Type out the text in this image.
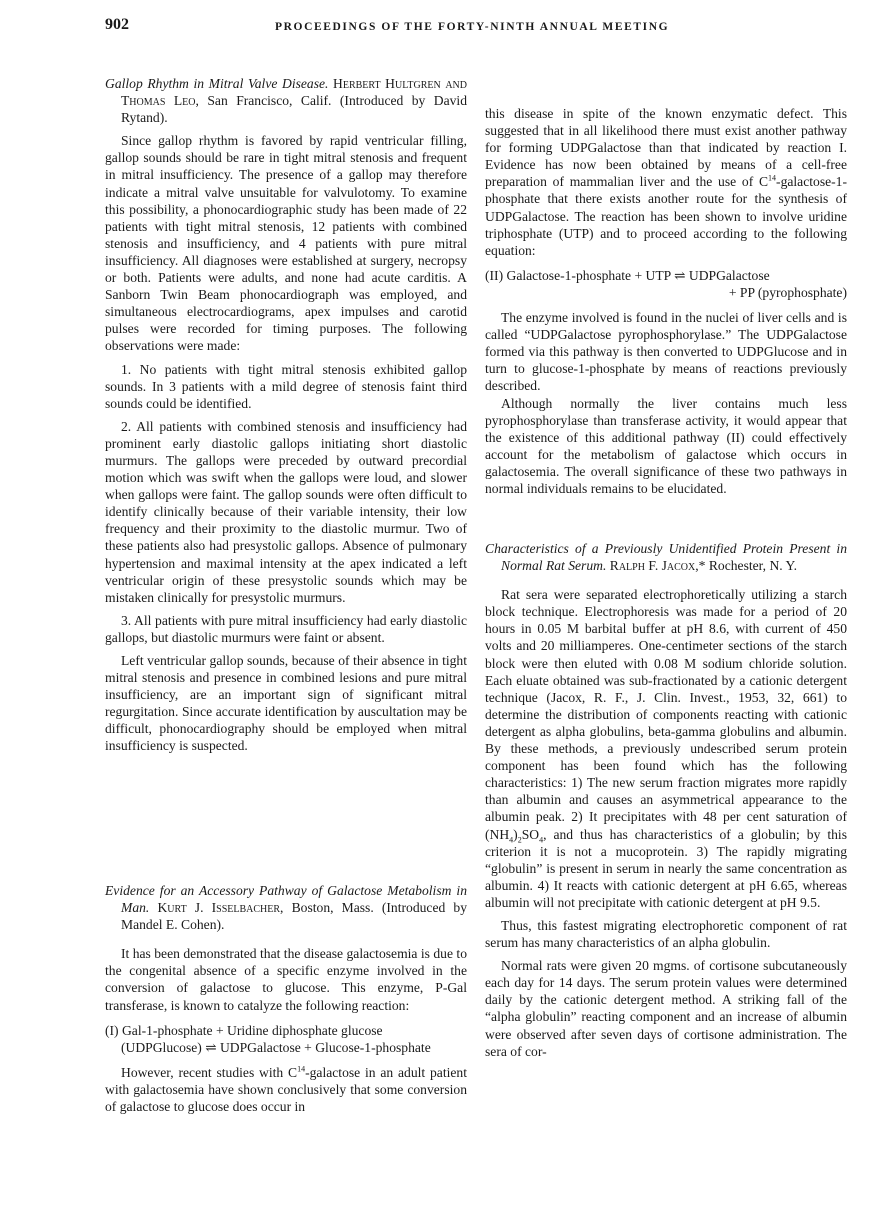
902	PROCEEDINGS OF THE FORTY-NINTH ANNUAL MEETING

Gallop Rhythm in Mitral Valve Disease. Herbert Hultgren and Thomas Leo, San Francisco, Calif. (Introduced by David Rytand).

Since gallop rhythm is favored by rapid ventricular filling, gallop sounds should be rare in tight mitral stenosis and frequent in mitral insufficiency. The presence of a gallop may therefore indicate a mitral valve unsuitable for valvulotomy. To examine this possibility, a phonocardiographic study has been made of 22 patients with tight mitral stenosis, 12 patients with combined stenosis and insufficiency, and 4 patients with pure mitral insufficiency. All diagnoses were established at surgery, necropsy or both. Patients were adults, and none had acute carditis. A Sanborn Twin Beam phonocardiograph was employed, and simultaneous electrocardiograms, apex impulses and carotid pulses were recorded for timing purposes. The following observations were made:

1. No patients with tight mitral stenosis exhibited gallop sounds. In 3 patients with a mild degree of stenosis faint third sounds could be identified.

2. All patients with combined stenosis and insufficiency had prominent early diastolic gallops initiating short diastolic murmurs. The gallops were preceded by outward precordial motion which was swift when the gallops were loud, and slower when gallops were faint. The gallop sounds were often difficult to identify clinically because of their variable intensity, their low frequency and their proximity to the diastolic murmur. Two of these patients also had presystolic gallops. Absence of pulmonary hypertension and maximal intensity at the apex indicated a left ventricular origin of these presystolic sounds which may be mistaken clinically for presystolic murmurs.

3. All patients with pure mitral insufficiency had early diastolic gallops, but diastolic murmurs were faint or absent.

Left ventricular gallop sounds, because of their absence in tight mitral stenosis and presence in combined lesions and pure mitral insufficiency, are an important sign of significant mitral regurgitation. Since accurate identification by auscultation may be difficult, phonocardiography should be employed when mitral insufficiency is suspected.

Evidence for an Accessory Pathway of Galactose Metabolism in Man. Kurt J. Isselbacher, Boston, Mass. (Introduced by Mandel E. Cohen).

It has been demonstrated that the disease galactosemia is due to the congenital absence of a specific enzyme involved in the conversion of galactose to glucose. This enzyme, P-Gal transferase, is known to catalyze the following reaction:

(I) Gal-1-phosphate + Uridine diphosphate glucose
(UDPGlucose) ⇌ UDPGalactose + Glucose-1-phosphate

However, recent studies with $C^{14}$-galactose in an adult patient with galactosemia have shown conclusively that some conversion of galactose to glucose does occur in

this disease in spite of the known enzymatic defect. This suggested that in all likelihood there must exist another pathway for forming UDPGalactose than that indicated by reaction I. Evidence has now been obtained by means of a cell-free preparation of mammalian liver and the use of $C^{14}-galactose-1$-phosphate that there exists another route for the synthesis of UDPGalactose. The reaction has been shown to involve uridine triphosphate (UTP) and to proceed according to the following equation:

(II) Galactose-1-phosphate + UTP ⇌ UDPGalactose
+ PP (pyrophosphate)

The enzyme involved is found in the nuclei of liver cells and is called “UDPGalactose pyrophosphorylase.” The UDPGalactose formed via this pathway is then converted to UDPGlucose and in turn to glucose-1-phosphate by means of reactions previously described.

Although normally the liver contains much less pyrophosphorylase than transferase activity, it would appear that the existence of this additional pathway (II) could effectively account for the metabolism of galactose which occurs in galactosemia. The overall significance of these two pathways in normal individuals remains to be elucidated.

Characteristics of a Previously Unidentified Protein Present in Normal Rat Serum. Ralph F. Jacox,* Rochester, N. Y.

Rat sera were separated electrophoretically utilizing a starch block technique. Electrophoresis was made for a period of 20 hours in 0.05 M barbital buffer at pH 8.6, with current of 450 volts and 20 milliamperes. One-centimeter sections of the starch block were then eluted with 0.08 M sodium chloride solution. Each eluate obtained was sub-fractionated by a cationic detergent technique (Jacox, R. F., J. Clin. Invest., 1953, 32, 661) to determine the distribution of components reacting with cationic detergent as alpha globulins, beta-gamma globulins and albumin. By these methods, a previously undescribed serum protein component has been found which has the following characteristics: 1) The new serum fraction migrates more rapidly than albumin and causes an asymmetrical appearance to the albumin peak. 2) It precipitates with 48 per cent saturation of $(NH_4)_2SO_4$, and thus has characteristics of a globulin; by this criterion it is not a mucoprotein. 3) The rapidly migrating “globulin” is present in serum in nearly the same concentration as albumin. 4) It reacts with cationic detergent at pH 6.65, whereas albumin will not precipitate with cationic detergent at pH 9.5.

Thus, this fastest migrating electrophoretic component of rat serum has many characteristics of an alpha globulin.

Normal rats were given 20 mgms. of cortisone subcutaneously each day for 14 days. The serum protein values were determined daily by the cationic detergent method. A striking fall of the “alpha globulin” reacting component and an increase of albumin were observed after seven days of cortisone administration. The sera of cor-
